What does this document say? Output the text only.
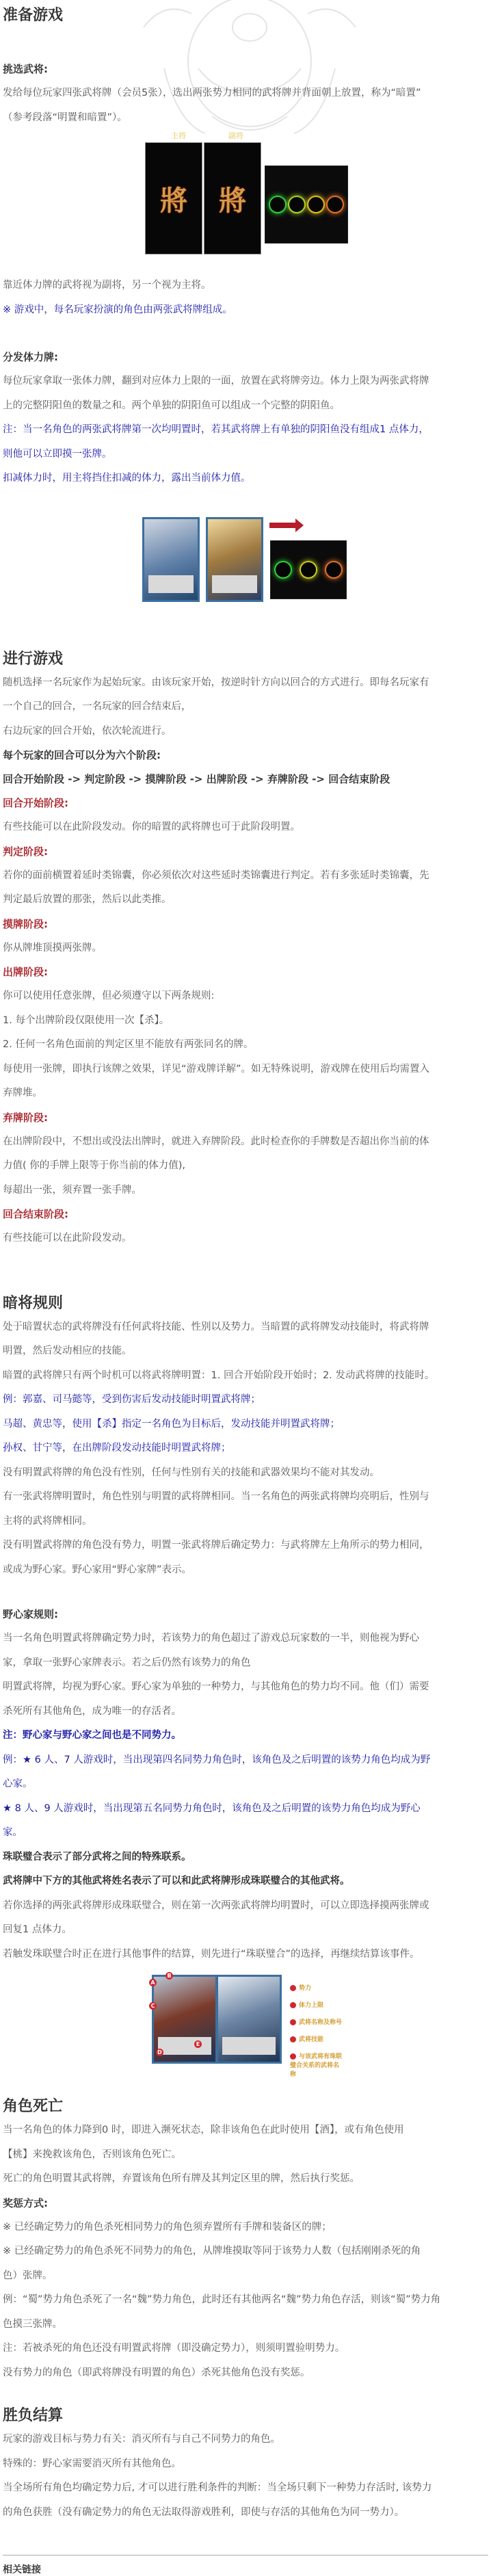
准备游戏
挑选武将:

发给每位玩家四张武将牌（会员5张），选出两张势力相同的武将牌并背面朝上放置，称为“暗置”

（参考段落“明置和暗置”）。

主将	副将
將 將

靠近体力牌的武将视为副将，另一个视为主将。

※ 游戏中，每名玩家扮演的角色由两张武将牌组成。

分发体力牌:

每位玩家拿取一张体力牌，翻到对应体力上限的一面，放置在武将牌旁边。体力上限为两张武将牌

上的完整阴阳鱼的数量之和。两个单独的阴阳鱼可以组成一个完整的阴阳鱼。

注：当一名角色的两张武将牌第一次均明置时，若其武将牌上有单独的阴阳鱼没有组成1 点体力，

则他可以立即摸一张牌。

扣减体力时，用主将挡住扣减的体力，露出当前体力值。

进行游戏

随机选择一名玩家作为起始玩家。由该玩家开始，按逆时针方向以回合的方式进行。即每名玩家有

一个自己的回合，一名玩家的回合结束后，

右边玩家的回合开始，依次轮流进行。

每个玩家的回合可以分为六个阶段:
回合开始阶段 -> 判定阶段 -> 摸牌阶段 -> 出牌阶段 -> 弃牌阶段 -> 回合结束阶段
回合开始阶段:

有些技能可以在此阶段发动。你的暗置的武将牌也可于此阶段明置。

判定阶段:

若你的面前横置着延时类锦囊，你必须依次对这些延时类锦囊进行判定。若有多张延时类锦囊，先

判定最后放置的那张，然后以此类推。

摸牌阶段:

你从牌堆顶摸两张牌。

出牌阶段:

你可以使用任意张牌，但必须遵守以下两条规则:

1. 每个出牌阶段仅限使用一次【杀】。

2. 任何一名角色面前的判定区里不能放有两张同名的牌。

每使用一张牌，即执行该牌之效果，详见“游戏牌详解”。如无特殊说明，游戏牌在使用后均需置入

弃牌堆。

弃牌阶段:

在出牌阶段中，不想出或没法出牌时，就进入弃牌阶段。此时检查你的手牌数是否超出你当前的体

力值( 你的手牌上限等于你当前的体力值),

每超出一张，须弃置一张手牌。

回合结束阶段:

有些技能可以在此阶段发动。

暗将规则

处于暗置状态的武将牌没有任何武将技能、性别以及势力。当暗置的武将牌发动技能时，将武将牌

明置，然后发动相应的技能。

暗置的武将牌只有两个时机可以将武将牌明置：1. 回合开始阶段开始时；2. 发动武将牌的技能时。

例：郭嘉、司马懿等，受到伤害后发动技能时明置武将牌；

马超、黄忠等，使用【杀】指定一名角色为目标后，发动技能并明置武将牌；

孙权、甘宁等，在出牌阶段发动技能时明置武将牌；

没有明置武将牌的角色没有性别，任何与性别有关的技能和武器效果均不能对其发动。

有一张武将牌明置时，角色性别与明置的武将牌相同。当一名角色的两张武将牌均亮明后，性别与

主将的武将牌相同。

没有明置武将牌的角色没有势力，明置一张武将牌后确定势力：与武将牌左上角所示的势力相同，

或成为野心家。野心家用“野心家牌”表示。

野心家规则:

当一名角色明置武将牌确定势力时，若该势力的角色超过了游戏总玩家数的一半，则他视为野心

家，拿取一张野心家牌表示。若之后仍然有该势力的角色

明置武将牌，均视为野心家。野心家为单独的一种势力，与其他角色的势力均不同。他（们）需要

杀死所有其他角色，成为唯一的存活者。

注：野心家与野心家之间也是不同势力。

例：★ 6 人、7 人游戏时，当出现第四名同势力角色时，该角色及之后明置的该势力角色均成为野

心家。

★ 8 人、9 人游戏时，当出现第五名同势力角色时，该角色及之后明置的该势力角色均成为野心

家。

珠联璧合表示了部分武将之间的特殊联系。

武将牌中下方的其他武将姓名表示了可以和此武将牌形成珠联璧合的其他武将。

若你选择的两张武将牌形成珠联璧合，则在第一次两张武将牌均明置时，可以立即选择摸两张牌或

回复1 点体力。

若触发珠联璧合时正在进行其他事件的结算，则先进行“珠联璧合”的选择，再继续结算该事件。

A
B
C
D
E
势力
体力上限
武将名称及称号
武将技能
与该武将有珠联璧合关系的武将名称
角色死亡

当一名角色的体力降到0 时，即进入濒死状态，除非该角色在此时使用【酒】，或有角色使用

【桃】来挽救该角色，否则该角色死亡。

死亡的角色明置其武将牌，弃置该角色所有牌及其判定区里的牌，然后执行奖惩。

奖惩方式:

※ 已经确定势力的角色杀死相同势力的角色须弃置所有手牌和装备区的牌；

※ 已经确定势力的角色杀死不同势力的角色，从牌堆摸取等同于该势力人数（包括刚刚杀死的角

色）张牌。

例：“蜀”势力角色杀死了一名“魏”势力角色，此时还有其他两名“魏”势力角色存活，则该“蜀”势力角

色摸三张牌。

注：若被杀死的角色还没有明置武将牌（即没确定势力），则须明置验明势力。

没有势力的角色（即武将牌没有明置的角色）杀死其他角色没有奖惩。

胜负结算

玩家的游戏目标与势力有关：消灭所有与自己不同势力的角色。

特殊的：野心家需要消灭所有其他角色。

当全场所有角色均确定势力后, 才可以进行胜利条件的判断：当全场只剩下一种势力存活时, 该势力

的角色获胜（没有确定势力的角色无法取得游戏胜利，即使与存活的其他角色为同一势力）。

相关链接
